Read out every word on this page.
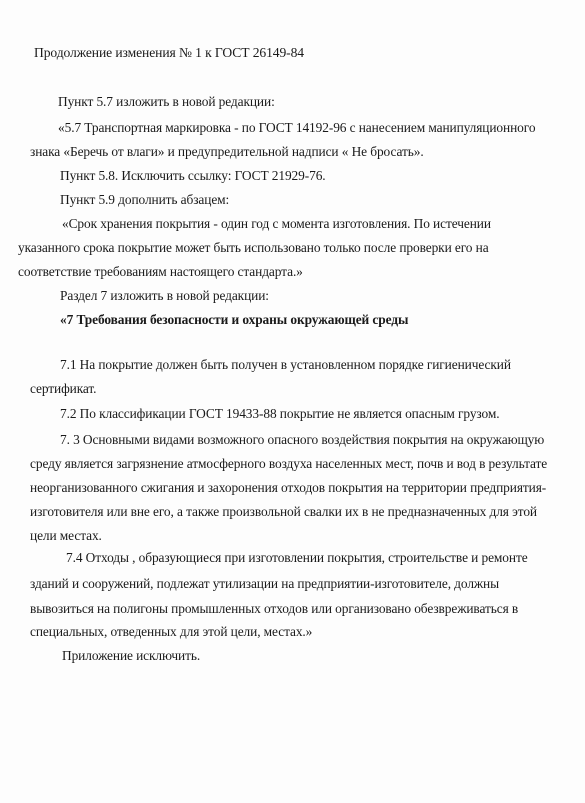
Продолжение изменения № 1 к ГОСТ 26149-84
Пункт 5.7 изложить в новой редакции:
«5.7 Транспортная маркировка - по ГОСТ 14192-96 с нанесением манипуляционного
знака «Беречь от влаги» и предупредительной надписи « Не бросать».
Пункт 5.8. Исключить ссылку: ГОСТ 21929-76.
Пункт 5.9 дополнить абзацем:
«Срок хранения покрытия - один год с момента изготовления. По истечении
указанного срока покрытие может быть использовано только после проверки его на
соответствие требованиям настоящего стандарта.»
Раздел 7 изложить в новой редакции:
«7 Требования безопасности и охраны окружающей среды
7.1 На покрытие должен быть получен в установленном порядке гигиенический
сертификат.
7.2 По классификации ГОСТ 19433-88 покрытие не является опасным грузом.
7. 3 Основными видами возможного опасного воздействия покрытия на окружающую
среду является загрязнение атмосферного воздуха населенных мест, почв и вод в результате
неорганизованного сжигания и захоронения отходов покрытия на территории предприятия-
изготовителя или вне его, а также произвольной свалки их в не предназначенных для этой
цели местах.
7.4 Отходы , образующиеся при изготовлении покрытия, строительстве и ремонте
зданий и сооружений, подлежат утилизации на предприятии-изготовителе, должны
вывозиться на полигоны промышленных отходов или организовано обезвреживаться в
специальных, отведенных для этой цели, местах.»
Приложение исключить.
